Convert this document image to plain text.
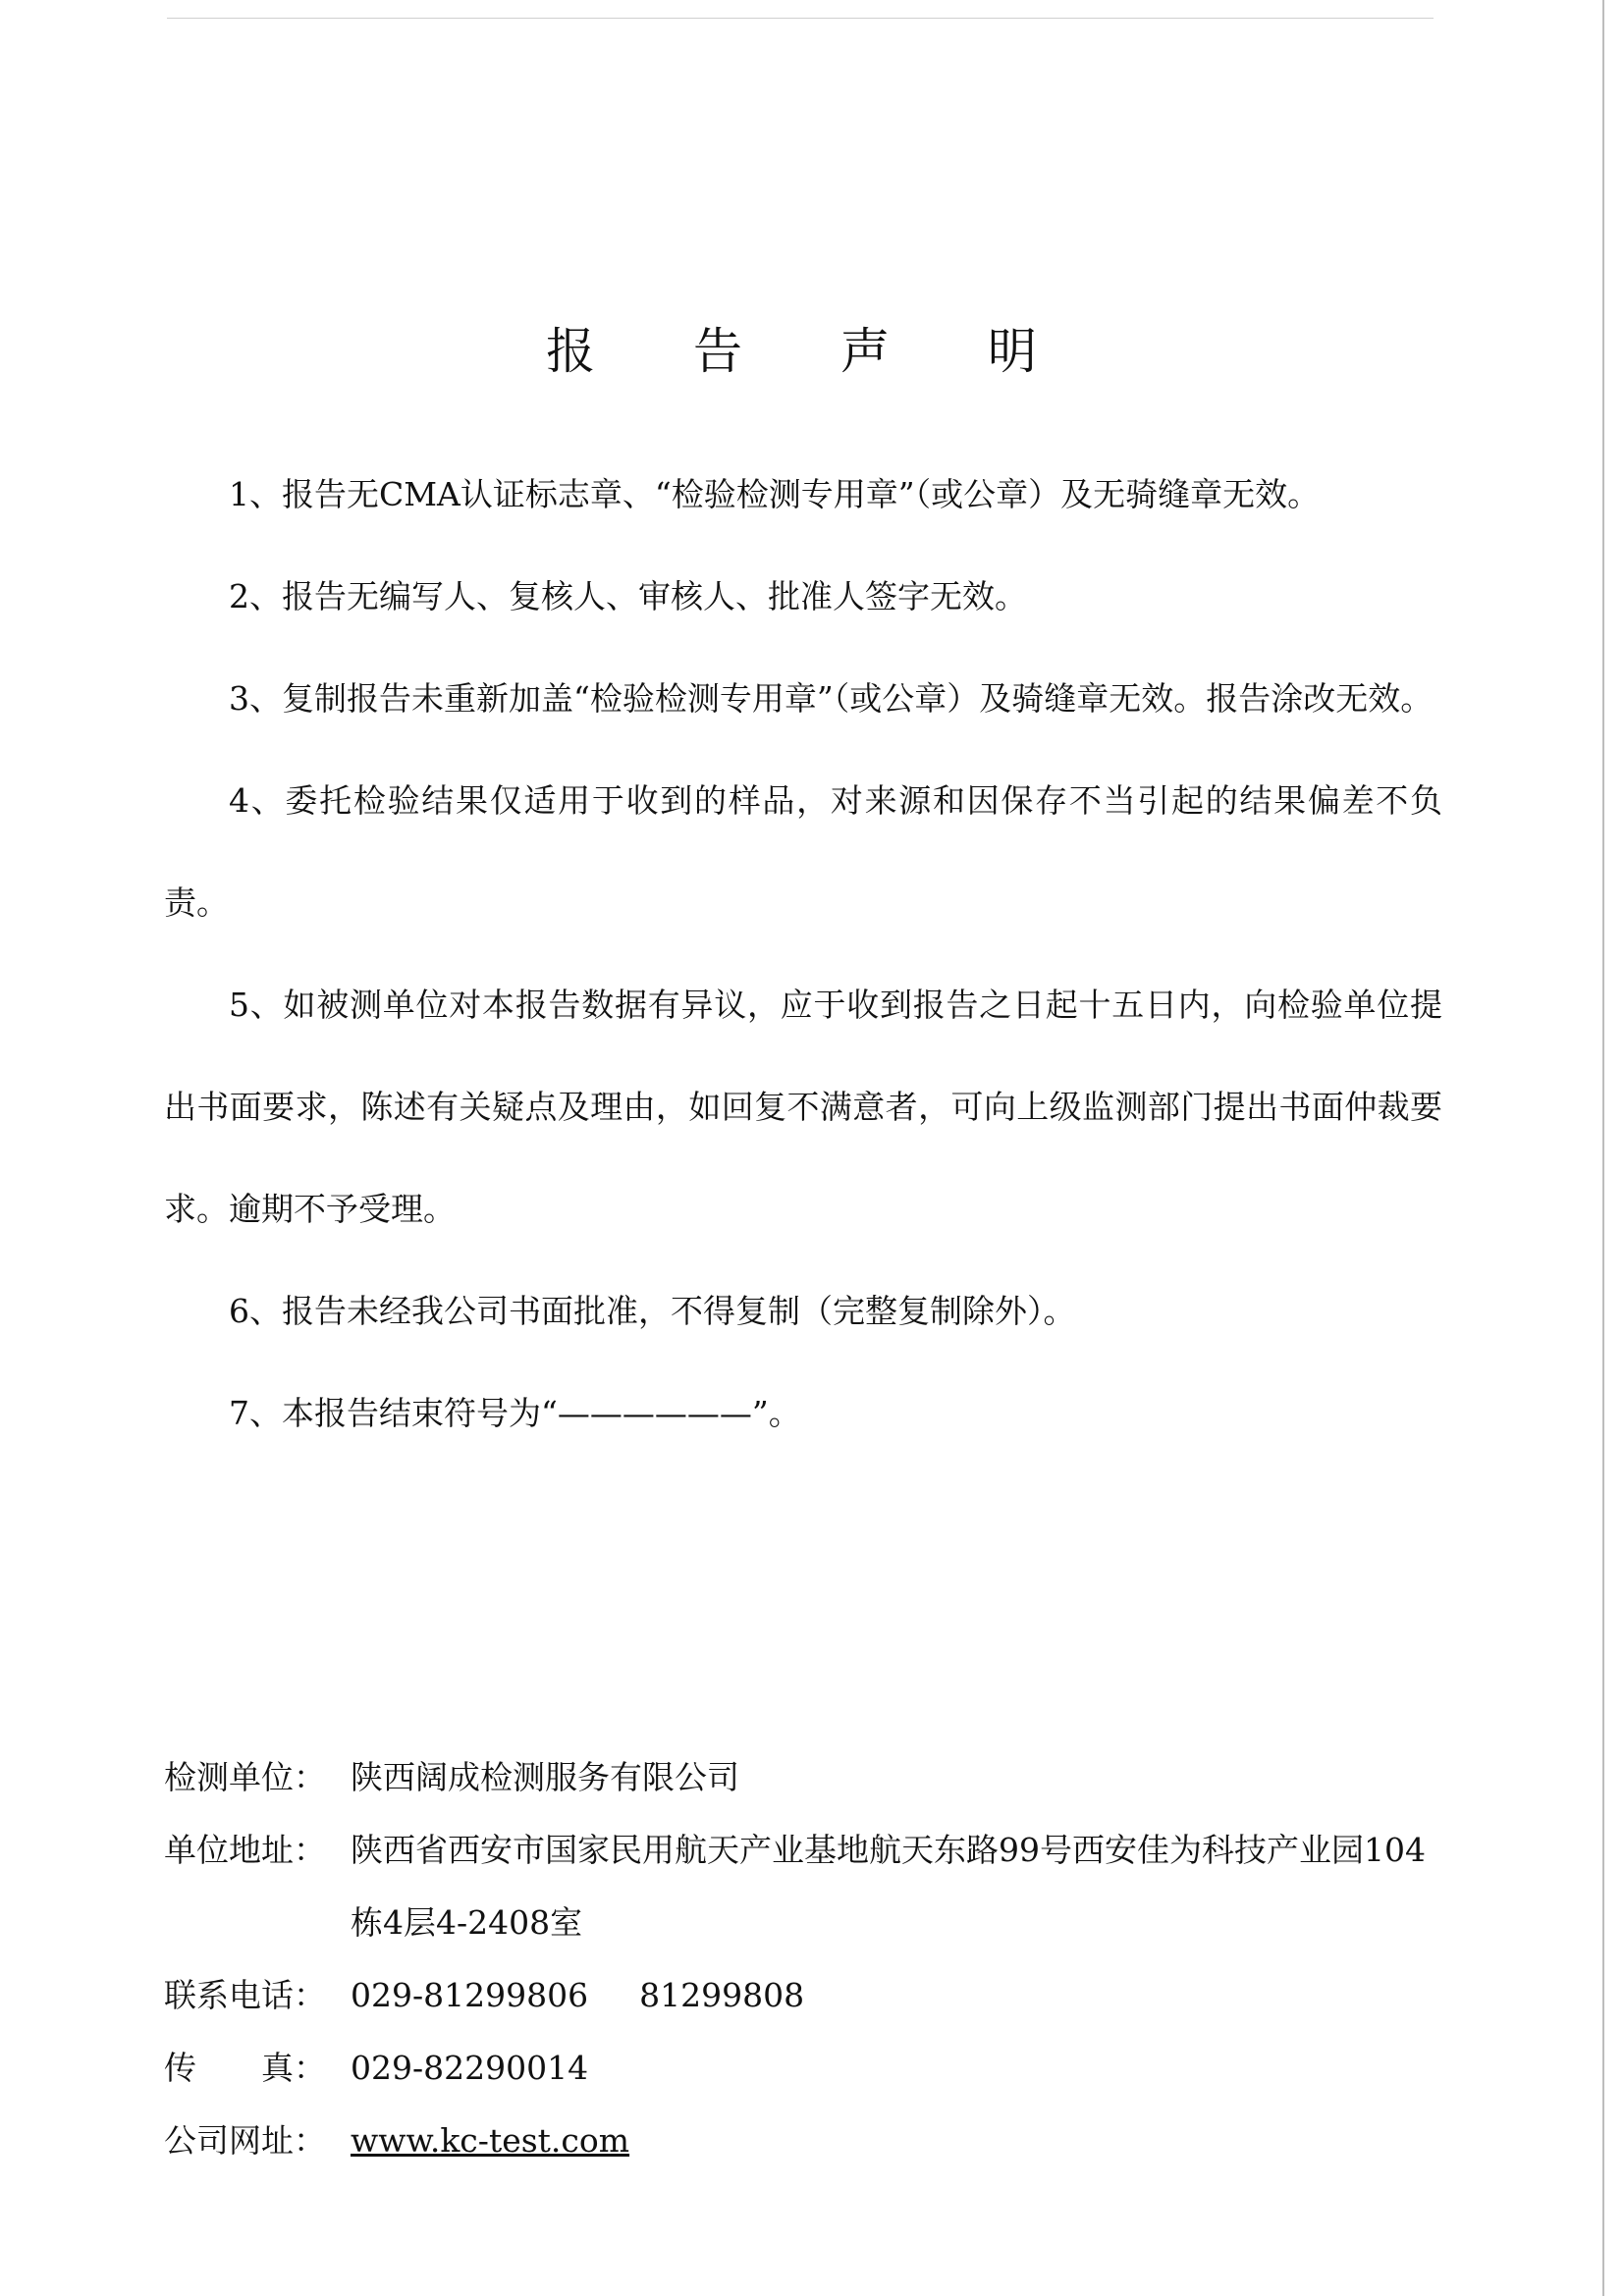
报 告 声 明

1、报告无CMA认证标志章、“检验检测专用章”（或公章）及无骑缝章无效。

2、报告无编写人、复核人、审核人、批准人签字无效。

3、复制报告未重新加盖“检验检测专用章”（或公章）及骑缝章无效。报告涂改无效。

4、委托检验结果仅适用于收到的样品，对来源和因保存不当引起的结果偏差不负责。

5、如被测单位对本报告数据有异议，应于收到报告之日起十五日内，向检验单位提出书面要求，陈述有关疑点及理由，如回复不满意者，可向上级监测部门提出书面仲裁要求。逾期不予受理。

6、报告未经我公司书面批准，不得复制（完整复制除外）。

7、本报告结束符号为“——————”。

检测单位： 陕西阔成检测服务有限公司
单位地址： 陕西省西安市国家民用航天产业基地航天东路99号西安佳为科技产业园104栋4层4-2408室
联系电话： 029-81299806 81299808
传　　真： 029-82290014
公司网址： www.kc-test.com
